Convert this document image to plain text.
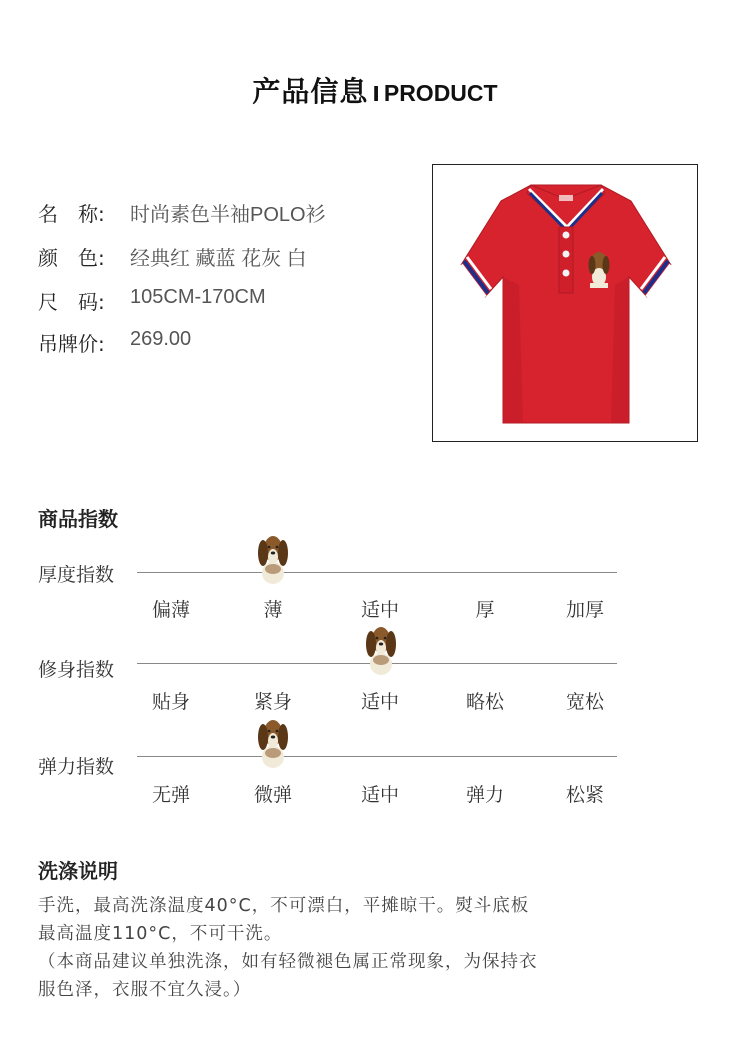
产品信息 I PRODUCT
名　称:	时尚素色半袖POLO衫
颜　色:	经典红 藏蓝 花灰 白
尺　码:	105CM-170CM
吊牌价:	269.00
商品指数
厚度指数
偏薄	薄	适中	厚	加厚
修身指数
贴身	紧身	适中	略松	宽松
弹力指数
无弹	微弹	适中	弹力	松紧
洗涤说明
手洗，最高洗涤温度40°C，不可漂白，平摊晾干。熨斗底板
最高温度110°C，不可干洗。
（本商品建议单独洗涤，如有轻微褪色属正常现象，为保持衣
服色泽，衣服不宜久浸。）
